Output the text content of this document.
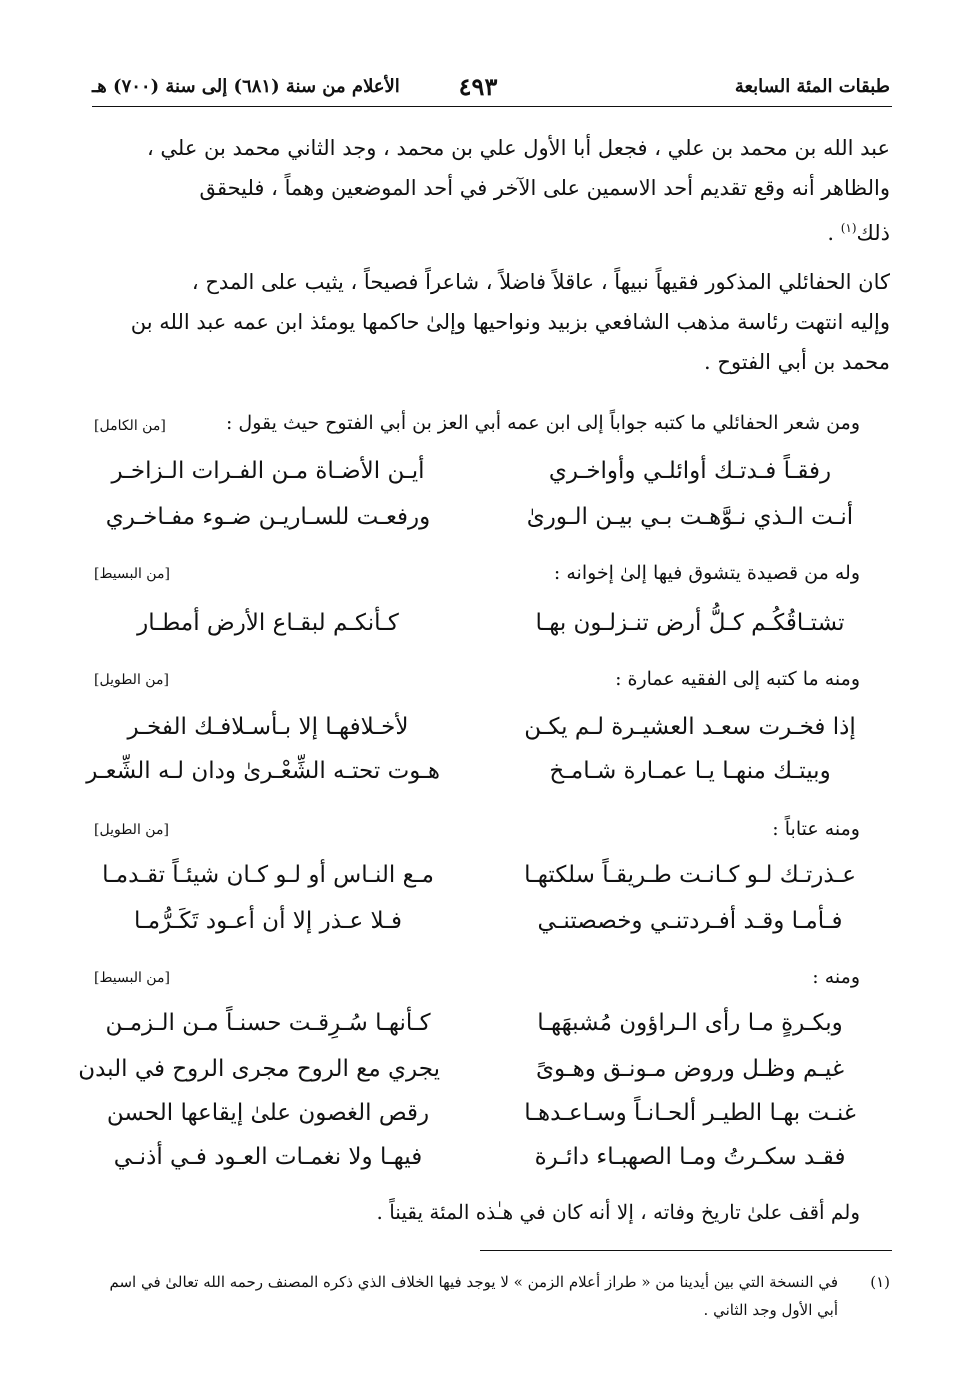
طبقات المئة السابعة
٤٩٣
الأعلام من سنة (٦٨١) إلى سنة (٧٠٠) هـ
عبد الله بن محمد بن علي ، فجعل أبا الأول علي بن محمد ، وجد الثاني محمد بن علي ،
والظاهر أنه وقع تقديم أحد الاسمين على الآخر في أحد الموضعين وهماً ، فليحقق
ذلك$^{(١)}$ .
كان الحفائلي المذكور فقيهاً نبيهاً ، عاقلاً فاضلاً ، شاعراً فصيحاً ، يثيب على المدح ،
وإليه انتهت رئاسة مذهب الشافعي بزبيد ونواحيها وإلىٰ حاكمها يومئذ ابن عمه عبد الله بن
محمد بن أبي الفتوح .
ومن شعر الحفائلي ما كتبه جواباً إلى ابن عمه أبي العز بن أبي الفتوح حيث يقول :
[من الكامل]
رفقـاً فـدتـك أوائلـي وأواخـري
أيـن الأضـاة مـن الفـرات الـزاخـر
أنـت الـذي نـوَّهـت بـي بيـن الـورىٰ
ورفعـت للسـاريـن ضـوء مفـاخـري
وله من قصيدة يتشوق فيها إلىٰ إخوانه :
[من البسيط]
تشتـاقُكُـم كـلُّ أرض تنـزلـون بهـا
كـأنكـم لبقـاع الأرض أمطـار
ومنه ما كتبه إلى الفقيه عمارة :
[من الطويل]
إذا فخـرت سعـد العشيـرة لـم يكـن
لأخـلافهـا إلا بـأسـلافـك الفخـر
وبيتـك منهـا يـا عمـارة شـامـخ
هـوت تحتـه الشِّعْـرىٰ ودان لـه الشِّعـر
ومنه عتاباً :
[من الطويل]
عـذرتـك لـو كـانـت طـريقـاً سلكتهـا
مـع النـاس أو لـو كـان شيئـاً تقـدمـا
فـأمـا وقـد أفـردتنـي وخصصتنـي
فـلا عـذر إلا أن أعـود تَكَـرُّمـا
ومنه :
[من البسيط]
وبكـرةٍ مـا رأى الـراؤون مُشبهَهـا
كـأنهـا سُـرِقـت حسنـاً مـن الـزمـن
غيـم وظـل وروض مـونـق وهـوىً
يجري مع الروح مجرى الروح في البدن
غنـت بهـا الطيـر ألحـانـاً وسـاعـدهـا
رقص الغصون علىٰ إيقاعها الحسن
فقـد سكـرتُ ومـا الصهبـاء دائـرة
فيهـا ولا نغمـات العـود فـي أذنـي
ولم أقف علىٰ تاريخ وفاته ، إلا أنه كان في هـٰذه المئة يقيناً .
(١)
في النسخة التي بين أيدينا من « طراز أعلام الزمن » لا يوجد فيها الخلاف الذي ذكره المصنف رحمه الله تعالىٰ في اسم أبي الأول وجد الثاني .
